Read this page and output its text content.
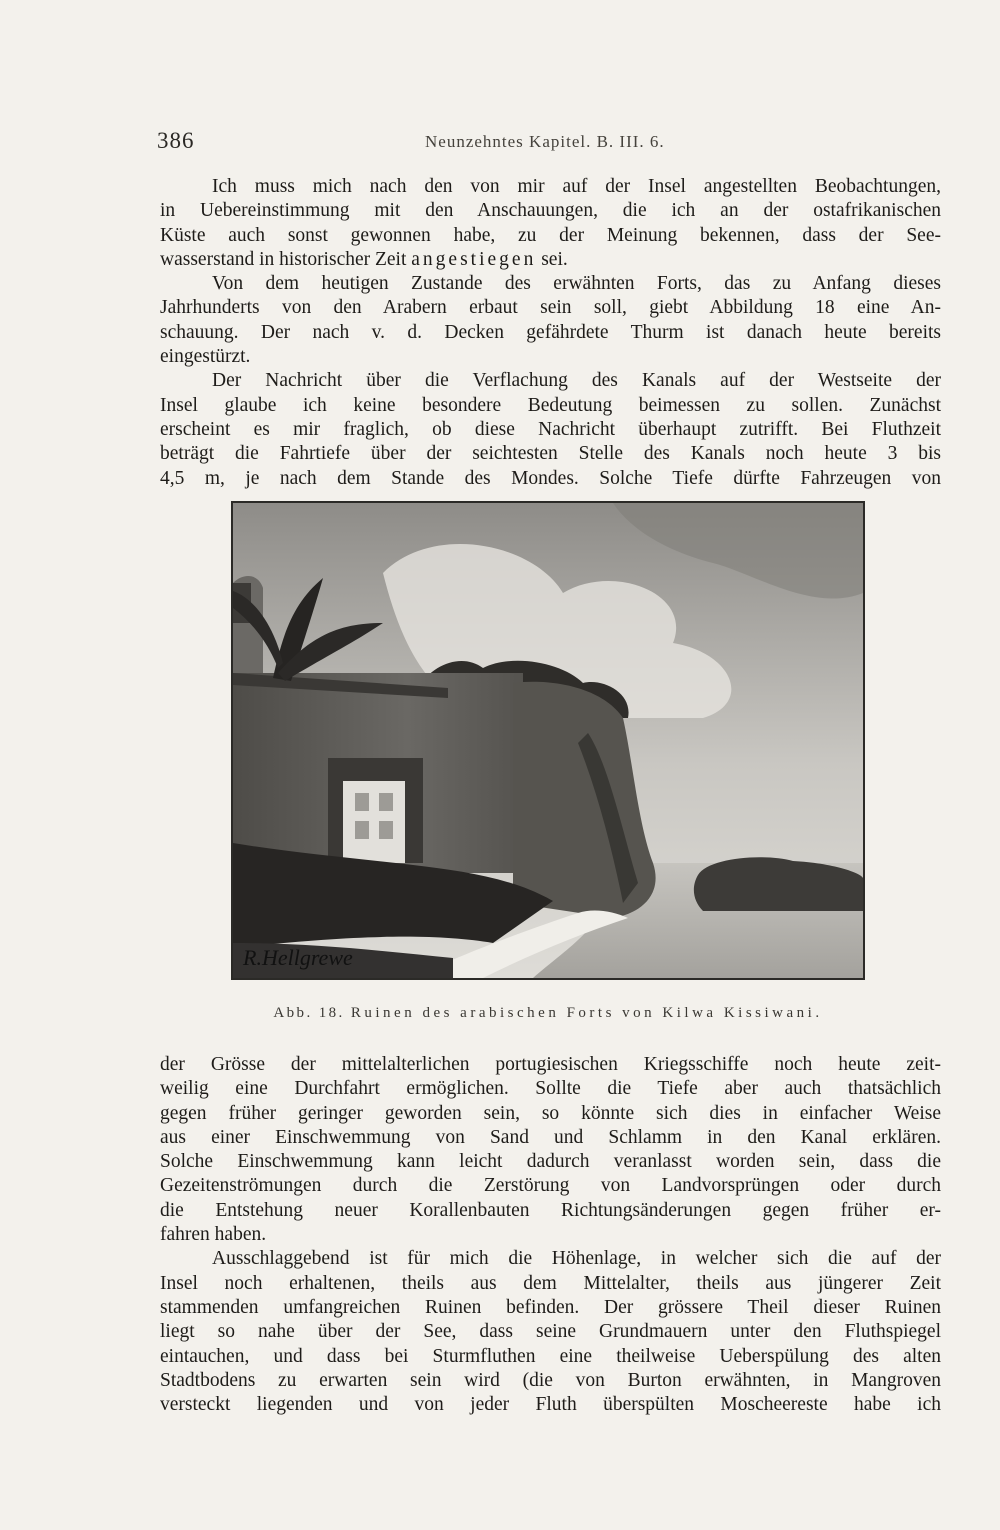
386	Neunzehntes Kapitel. B. III. 6.

Ich muss mich nach den von mir auf der Insel angestellten Beobachtungen,

in Uebereinstimmung mit den Anschauungen, die ich an der ostafrikanischen

Küste auch sonst gewonnen habe, zu der Meinung bekennen, dass der See-

wasserstand in historischer Zeit angestiegen sei.

Von dem heutigen Zustande des erwähnten Forts, das zu Anfang dieses

Jahrhunderts von den Arabern erbaut sein soll, giebt Abbildung 18 eine An-

schauung. Der nach v. d. Decken gefährdete Thurm ist danach heute bereits

eingestürzt.

Der Nachricht über die Verflachung des Kanals auf der Westseite der

Insel glaube ich keine besondere Bedeutung beimessen zu sollen. Zunächst

erscheint es mir fraglich, ob diese Nachricht überhaupt zutrifft. Bei Fluthzeit

beträgt die Fahrtiefe über der seichtesten Stelle des Kanals noch heute 3 bis

4,5 m, je nach dem Stande des Mondes. Solche Tiefe dürfte Fahrzeugen von

R.Hellgrewe
Abb. 18. Ruinen des arabischen Forts von Kilwa Kissiwani.

der Grösse der mittelalterlichen portugiesischen Kriegsschiffe noch heute zeit-

weilig eine Durchfahrt ermöglichen. Sollte die Tiefe aber auch thatsächlich

gegen früher geringer geworden sein, so könnte sich dies in einfacher Weise

aus einer Einschwemmung von Sand und Schlamm in den Kanal erklären.

Solche Einschwemmung kann leicht dadurch veranlasst worden sein, dass die

Gezeitenströmungen durch die Zerstörung von Landvorsprüngen oder durch

die Entstehung neuer Korallenbauten Richtungsänderungen gegen früher er-

fahren haben.

Ausschlaggebend ist für mich die Höhenlage, in welcher sich die auf der

Insel noch erhaltenen, theils aus dem Mittelalter, theils aus jüngerer Zeit

stammenden umfangreichen Ruinen befinden. Der grössere Theil dieser Ruinen

liegt so nahe über der See, dass seine Grundmauern unter den Fluthspiegel

eintauchen, und dass bei Sturmfluthen eine theilweise Ueberspülung des alten

Stadtbodens zu erwarten sein wird (die von Burton erwähnten, in Mangroven

versteckt liegenden und von jeder Fluth überspülten Moscheereste habe ich
